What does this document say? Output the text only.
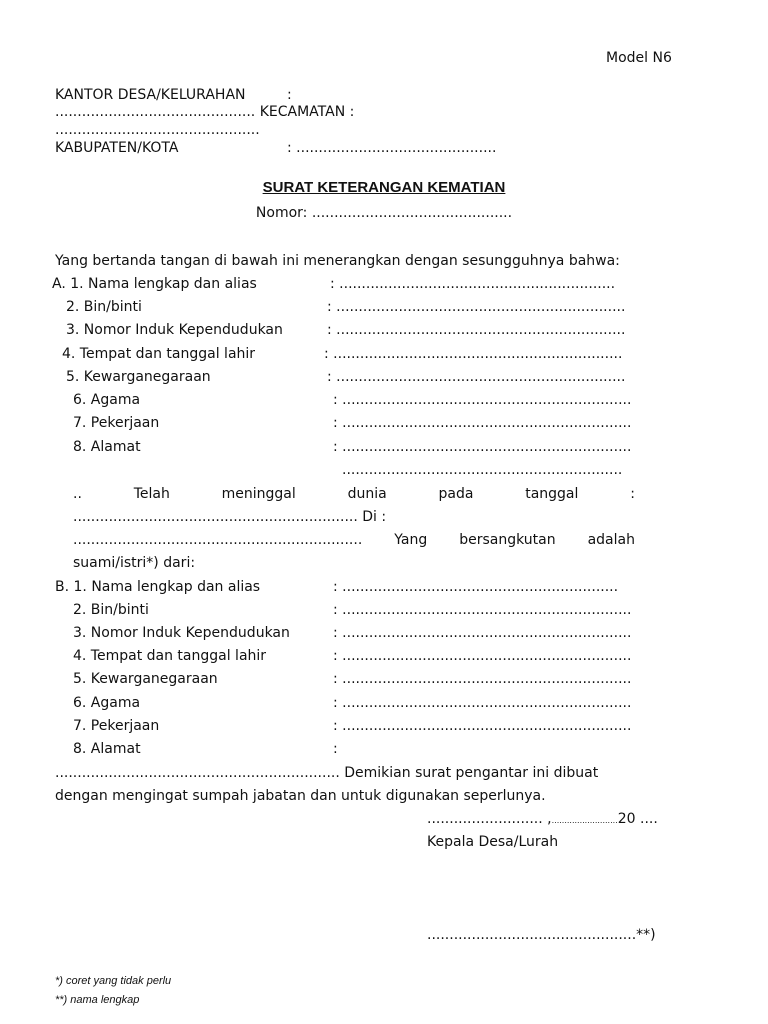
Model N6
KANTOR DESA/KELURAHAN	:
............................................. KECAMATAN :
..............................................
KABUPATEN/KOTA	: .............................................
SURAT KETERANGAN KEMATIAN
Nomor: .............................................
Yang bertanda tangan di bawah ini menerangkan dengan sesungguhnya bahwa:
A. 1. Nama lengkap dan alias	: ..............................................................
2. Bin/binti	: .................................................................
3. Nomor Induk Kependudukan	: .................................................................
4. Tempat dan tanggal lahir	: .................................................................
5. Kewarganegaraan	: .................................................................
6. Agama	: .................................................................
7. Pekerjaan	: .................................................................
8. Alamat	: .................................................................
...............................................................
..	Telah	meninggal	dunia	pada	tanggal	:
................................................................ Di :
................................................................. Yang bersangkutan adalah
suami/istri*) dari:
B. 1. Nama lengkap dan alias	: ..............................................................
2. Bin/binti	: .................................................................
3. Nomor Induk Kependudukan	: .................................................................
4. Tempat dan tanggal lahir	: .................................................................
5. Kewarganegaraan	: .................................................................
6. Agama	: .................................................................
7. Pekerjaan	: .................................................................
8. Alamat	:
................................................................ Demikian surat pengantar ini dibuat
dengan mengingat sumpah jabatan dan untuk digunakan seperlunya.
.......................... ,..........................20 ....
Kepala Desa/Lurah
...............................................**)
*) coret yang tidak perlu
**) nama lengkap
